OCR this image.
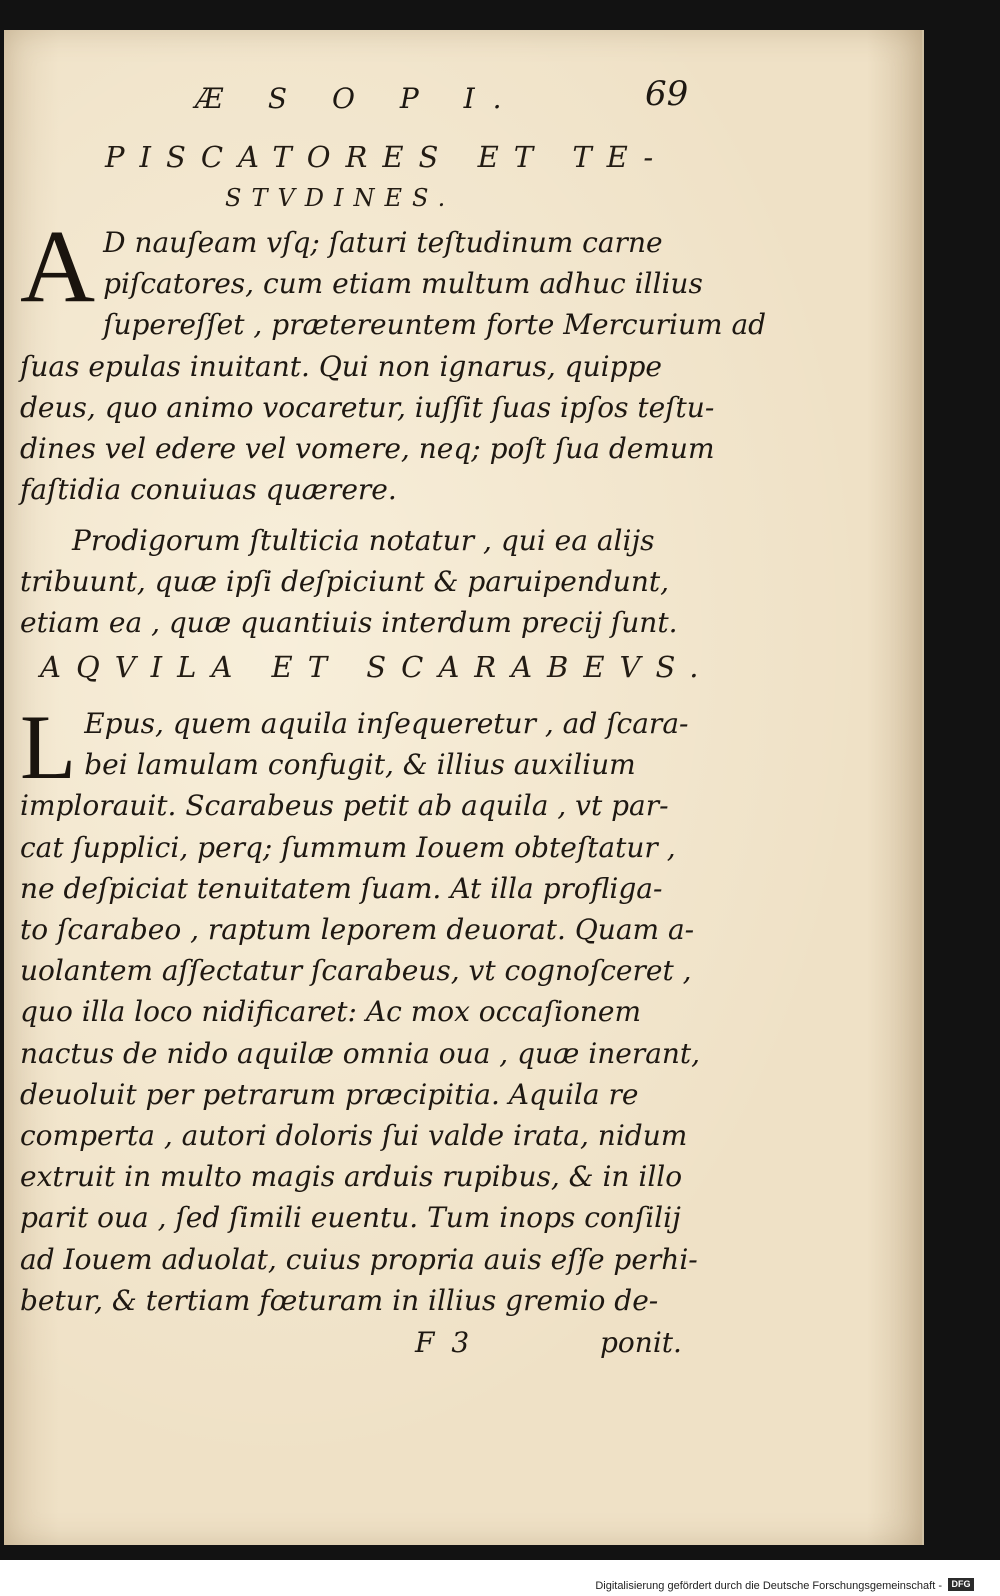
Æ S O P I.	69
PISCATORES ET TE-
STVDINES.
A D nauſeam vſq; ſaturi teſtudinum carne
piſcatores, cum etiam multum adhuc illius
ſupereſſet , prætereuntem forte Mercurium ad
ſuas epulas inuitant. Qui non ignarus, quippe
deus, quo animo vocaretur, iuſſit ſuas ipſos teſtu-
dines vel edere vel vomere, neq; poſt ſua demum
faſtidia conuiuas quærere.
Prodigorum ſtulticia notatur , qui ea alijs
tribuunt, quæ ipſi deſpiciunt & paruipendunt,
etiam ea , quæ quantiuis interdum precij ſunt.
AQVILA ET SCARABEVS.
L Epus, quem aquila inſequeretur , ad ſcara-
bei lamulam confugit, & illius auxilium
implorauit. Scarabeus petit ab aquila , vt par-
cat ſupplici, perq; ſummum Iouem obteſtatur ,
ne deſpiciat tenuitatem ſuam. At illa profliga-
to ſcarabeo , raptum leporem deuorat. Quam a-
uolantem aſſectatur ſcarabeus, vt cognoſceret ,
quo illa loco nidificaret: Ac mox occaſionem
nactus de nido aquilæ omnia oua , quæ inerant,
deuoluit per petrarum præcipitia. Aquila re
comperta , autori doloris ſui valde irata, nidum
extruit in multo magis arduis rupibus, & in illo
parit oua , ſed ſimili euentu. Tum inops conſilij
ad Iouem aduolat, cuius propria auis eſſe perhi-
betur, & tertiam fœturam in illius gremio de-
F 3	ponit.
Digitalisierung gefördert durch die Deutsche Forschungsgemeinschaft -	DFG
